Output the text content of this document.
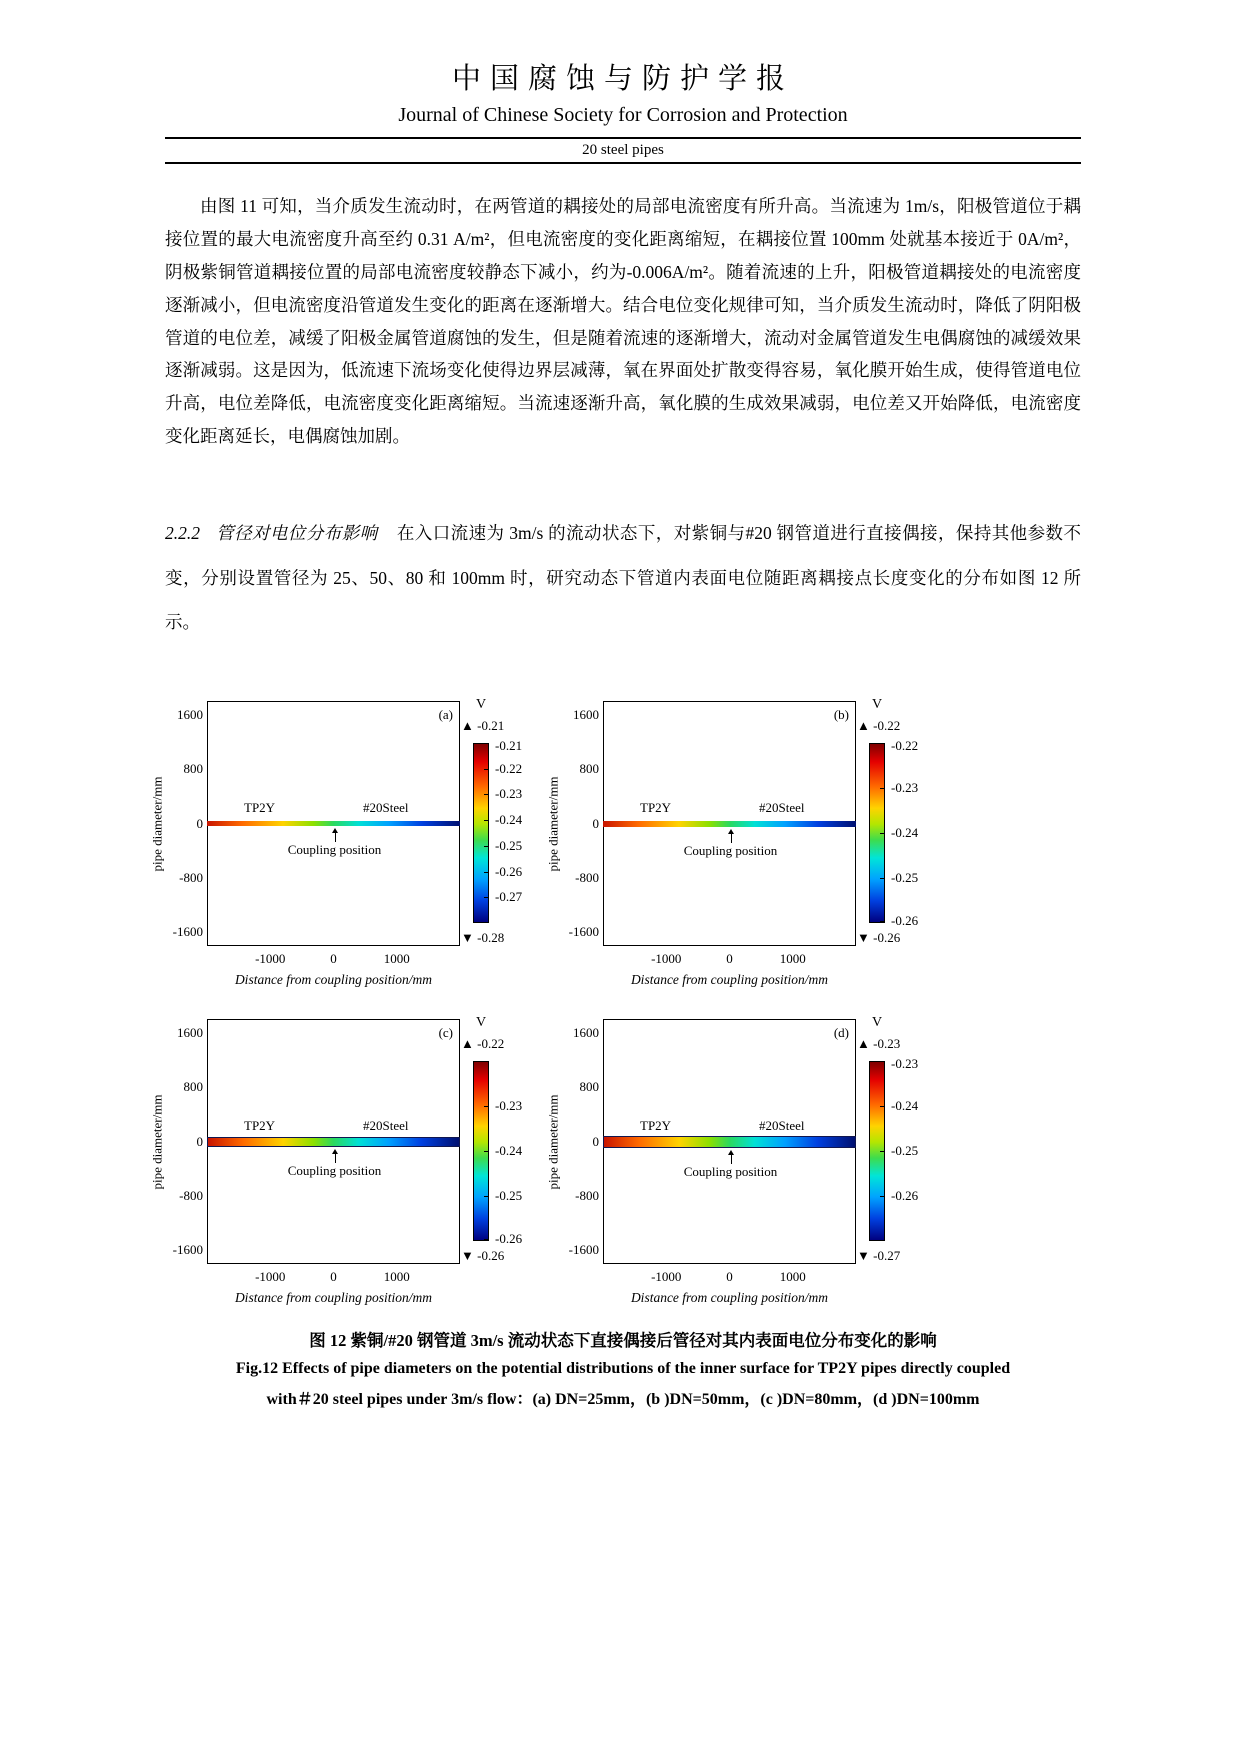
中国腐蚀与防护学报
Journal of Chinese Society for Corrosion and Protection
20 steel pipes

由图 11 可知，当介质发生流动时，在两管道的耦接处的局部电流密度有所升高。当流速为 1m/s，阳极管道位于耦接位置的最大电流密度升高至约 0.31 A/m²，但电流密度的变化距离缩短，在耦接位置 100mm 处就基本接近于 0A/m²，阴极紫铜管道耦接位置的局部电流密度较静态下减小，约为-0.006A/m²。随着流速的上升，阳极管道耦接处的电流密度逐渐减小，但电流密度沿管道发生变化的距离在逐渐增大。结合电位变化规律可知，当介质发生流动时，降低了阴阳极管道的电位差，减缓了阳极金属管道腐蚀的发生，但是随着流速的逐渐增大，流动对金属管道发生电偶腐蚀的减缓效果逐渐减弱。这是因为，低流速下流场变化使得边界层减薄，氧在界面处扩散变得容易，氧化膜开始生成，使得管道电位升高，电位差降低，电流密度变化距离缩短。当流速逐渐升高，氧化膜的生成效果减弱，电位差又开始降低，电流密度变化距离延长，电偶腐蚀加剧。

2.2.2 管径对电位分布影响 在入口流速为 3m/s 的流动状态下，对紫铜与#20 钢管道进行直接偶接，保持其他参数不变，分别设置管径为 25、50、80 和 100mm 时，研究动态下管道内表面电位随距离耦接点长度变化的分布如图 12 所示。

pipe diameter/mm
1600
800
0
-800
-1600
-1000	0	1000
(a)
TP2Y	#20Steel
Coupling position
Distance from coupling position/mm
V
▲ -0.21
-0.21
-0.22
-0.23
-0.24
-0.25
-0.26
-0.27
▼ -0.28
pipe diameter/mm
1600
800
0
-800
-1600
-1000	0	1000
(b)
TP2Y	#20Steel
Coupling position
Distance from coupling position/mm
V
▲ -0.22
-0.22
-0.23
-0.24
-0.25
-0.26
▼ -0.26
pipe diameter/mm
1600
800
0
-800
-1600
-1000	0	1000
(c)
TP2Y	#20Steel
Coupling position
Distance from coupling position/mm
V
▲ -0.22
-0.23
-0.24
-0.25
-0.26
▼ -0.26
pipe diameter/mm
1600
800
0
-800
-1600
-1000	0	1000
(d)
TP2Y	#20Steel
Coupling position
Distance from coupling position/mm
V
▲ -0.23
-0.23
-0.24
-0.25
-0.26
▼ -0.27
图 12 紫铜/#20 钢管道 3m/s 流动状态下直接偶接后管径对其内表面电位分布变化的影响
Fig.12 Effects of pipe diameters on the potential distributions of the inner surface for TP2Y pipes directly coupled
with＃20 steel pipes under 3m/s flow：(a) DN=25mm，(b )DN=50mm，(c )DN=80mm，(d )DN=100mm
